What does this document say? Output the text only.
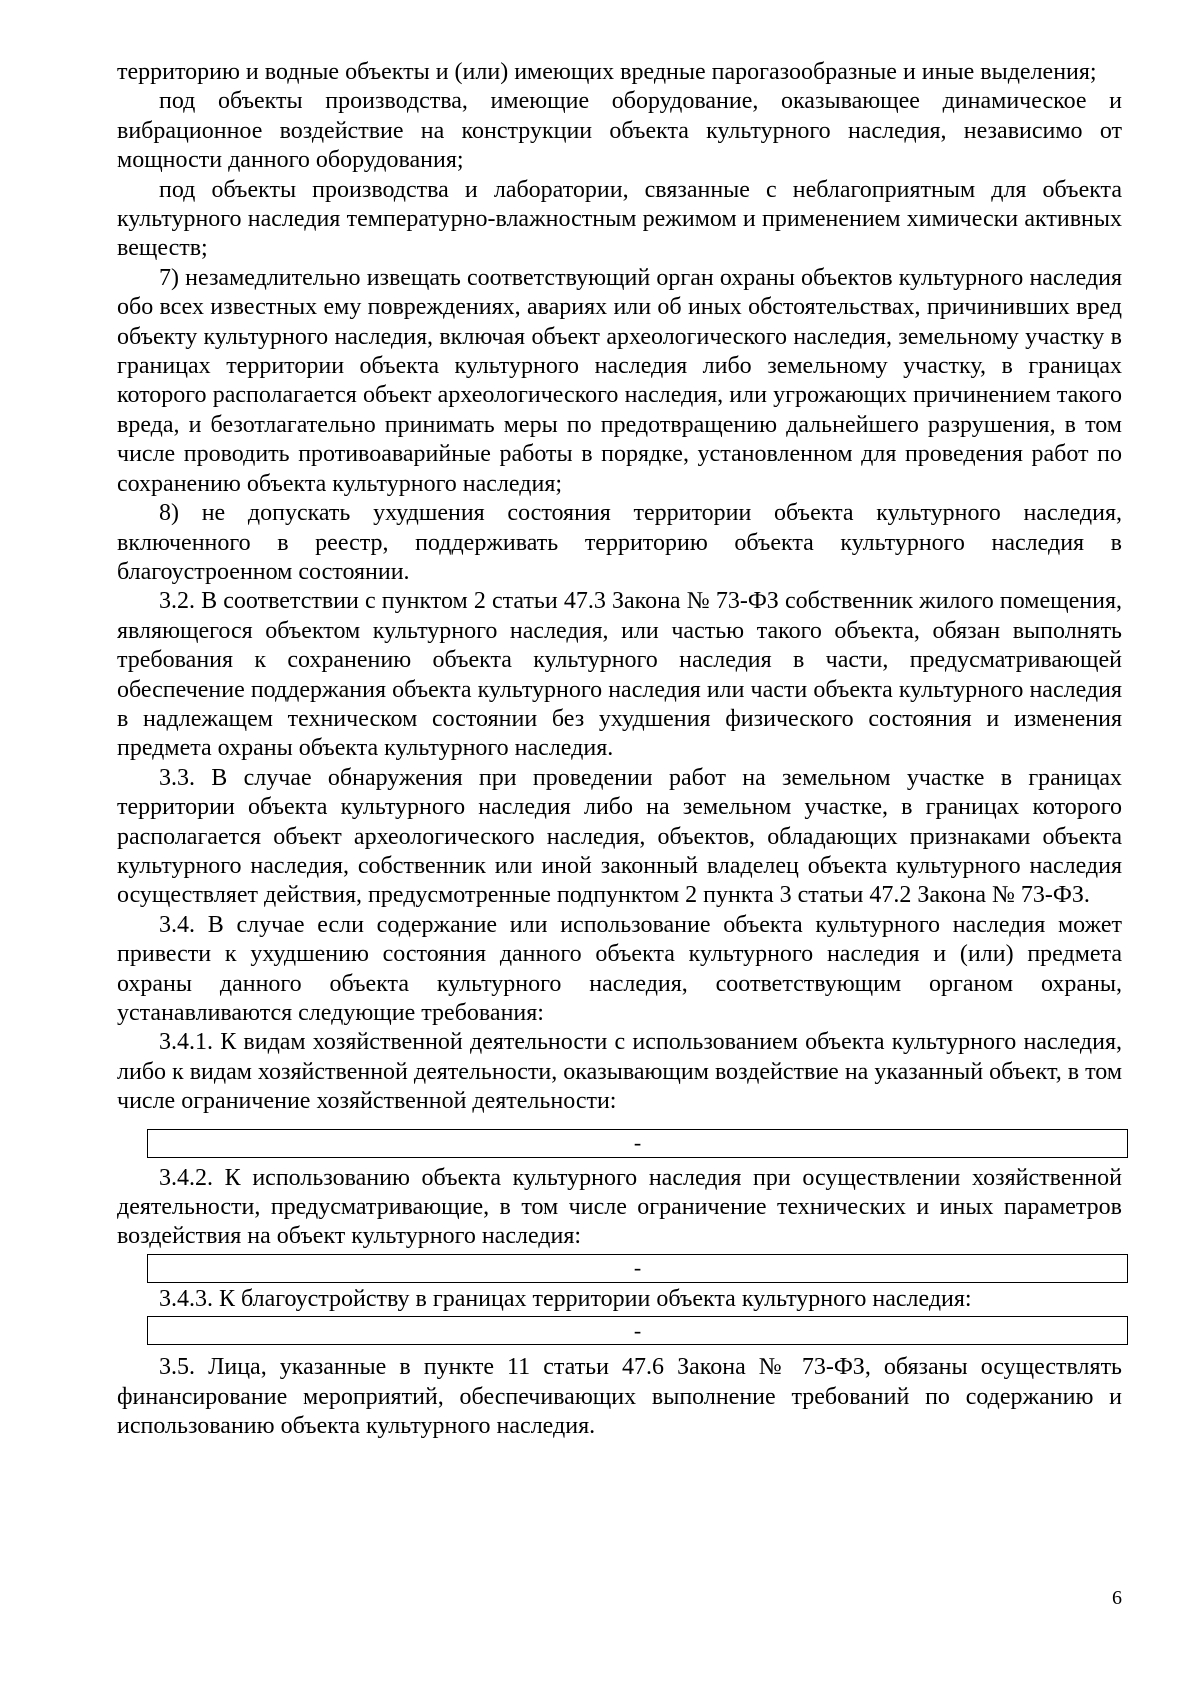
территорию и водные объекты и (или) имеющих вредные парогазообразные и иные выделения;

под объекты производства, имеющие оборудование, оказывающее динамическое и вибрационное воздействие на конструкции объекта культурного наследия, независимо от мощности данного оборудования;

под объекты производства и лаборатории, связанные с неблагоприятным для объекта культурного наследия температурно-влажностным режимом и применением химически активных веществ;

7) незамедлительно извещать соответствующий орган охраны объектов культурного наследия обо всех известных ему повреждениях, авариях или об иных обстоятельствах, причинивших вред объекту культурного наследия, включая объект археологического наследия, земельному участку в границах территории объекта культурного наследия либо земельному участку, в границах которого располагается объект археологического наследия, или угрожающих причинением такого вреда, и безотлагательно принимать меры по предотвращению дальнейшего разрушения, в том числе проводить противоаварийные работы в порядке, установленном для проведения работ по сохранению объекта культурного наследия;

8) не допускать ухудшения состояния территории объекта культурного наследия, включенного в реестр, поддерживать территорию объекта культурного наследия в благоустроенном состоянии.

3.2. В соответствии с пунктом 2 статьи 47.3 Закона № 73-ФЗ собственник жилого помещения, являющегося объектом культурного наследия, или частью такого объекта, обязан выполнять требования к сохранению объекта культурного наследия в части, предусматривающей обеспечение поддержания объекта культурного наследия или части объекта культурного наследия в надлежащем техническом состоянии без ухудшения физического состояния и изменения предмета охраны объекта культурного наследия.

3.3. В случае обнаружения при проведении работ на земельном участке в границах территории объекта культурного наследия либо на земельном участке, в границах которого располагается объект археологического наследия, объектов, обладающих признаками объекта культурного наследия, собственник или иной законный владелец объекта культурного наследия осуществляет действия, предусмотренные подпунктом 2 пункта 3 статьи 47.2 Закона № 73-ФЗ.

3.4. В случае если содержание или использование объекта культурного наследия может привести к ухудшению состояния данного объекта культурного наследия и (или) предмета охраны данного объекта культурного наследия, соответствующим органом охраны, устанавливаются следующие требования:

3.4.1. К видам хозяйственной деятельности с использованием объекта культурного наследия, либо к видам хозяйственной деятельности, оказывающим воздействие на указанный объект, в том числе ограничение хозяйственной деятельности:

-

3.4.2. К использованию объекта культурного наследия при осуществлении хозяйственной деятельности, предусматривающие, в том числе ограничение технических и иных параметров воздействия на объект культурного наследия:

-

3.4.3. К благоустройству в границах территории объекта культурного наследия:

-

3.5. Лица, указанные в пункте 11 статьи 47.6 Закона № 73-ФЗ, обязаны осуществлять финансирование мероприятий, обеспечивающих выполнение требований по содержанию и использованию объекта культурного наследия.

6
